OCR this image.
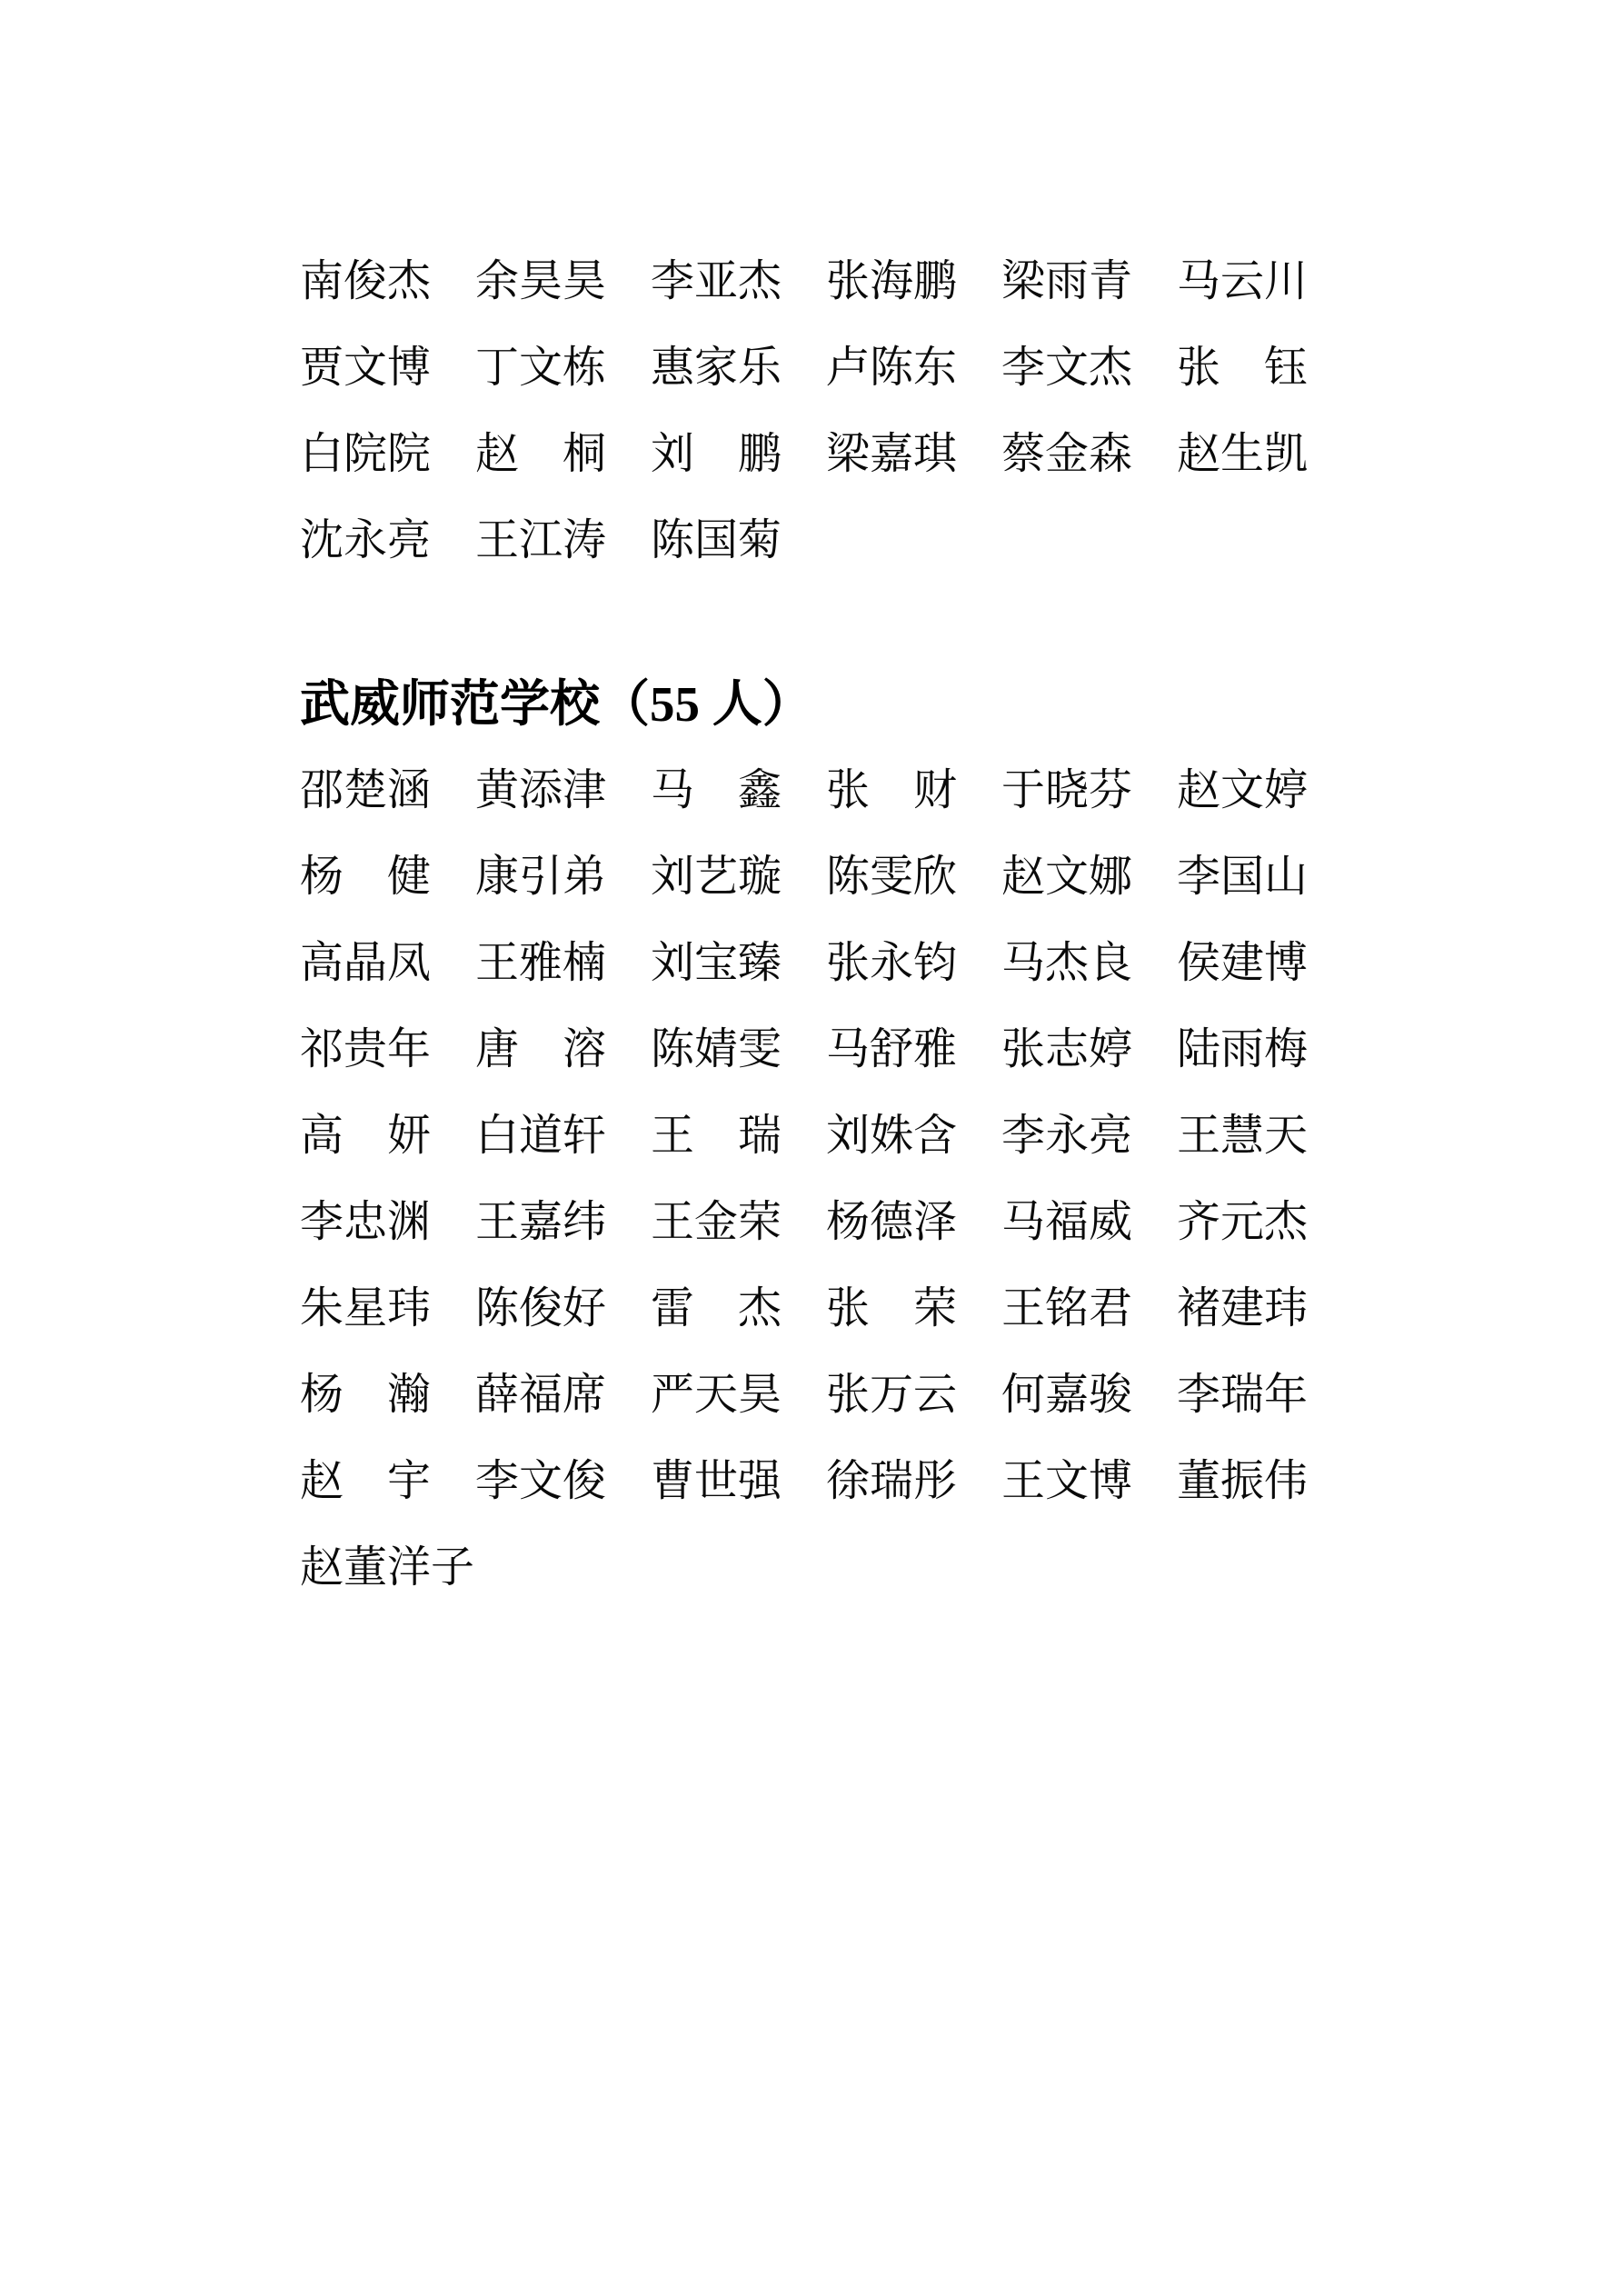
南俊杰 余昊昊 李亚杰 张海鹏 梁雨青 马云川
贾文博 丁文栋 惠家乐 卢陈东 李文杰 张　钰
白院院 赵　桐 刘　鹏 梁嘉琪 蔡金森 赵生凯
沈永亮 王江涛 陈国菊
武威师范学校（55 人）
邵楚涵 黄添津 马　鑫 张　财 于晓芬 赵文婷
杨　健 康引弟 刘艺璇 陈雯欣 赵文娜 李国山
高晶凤 王雅楠 刘宝臻 张永钧 马杰良 侯建博
祁贵年 唐　溶 陈婧雯 马舒雅 张志婷 陆雨梅
高　妍 白道轩 王　瑞 刘姝含 李永亮 王慧天
李忠渊 王嘉纬 王金荣 杨德泽 马福威 齐元杰
朱星玮 陈俊好 雷　杰 张　荣 王铭君 褚建玮
杨　瀚 薛福席 严天昊 张万云 何嘉骏 李瑞年
赵　宇 李文俊 曹世强 徐瑞彤 王文博 董振伟
赵董洋子
